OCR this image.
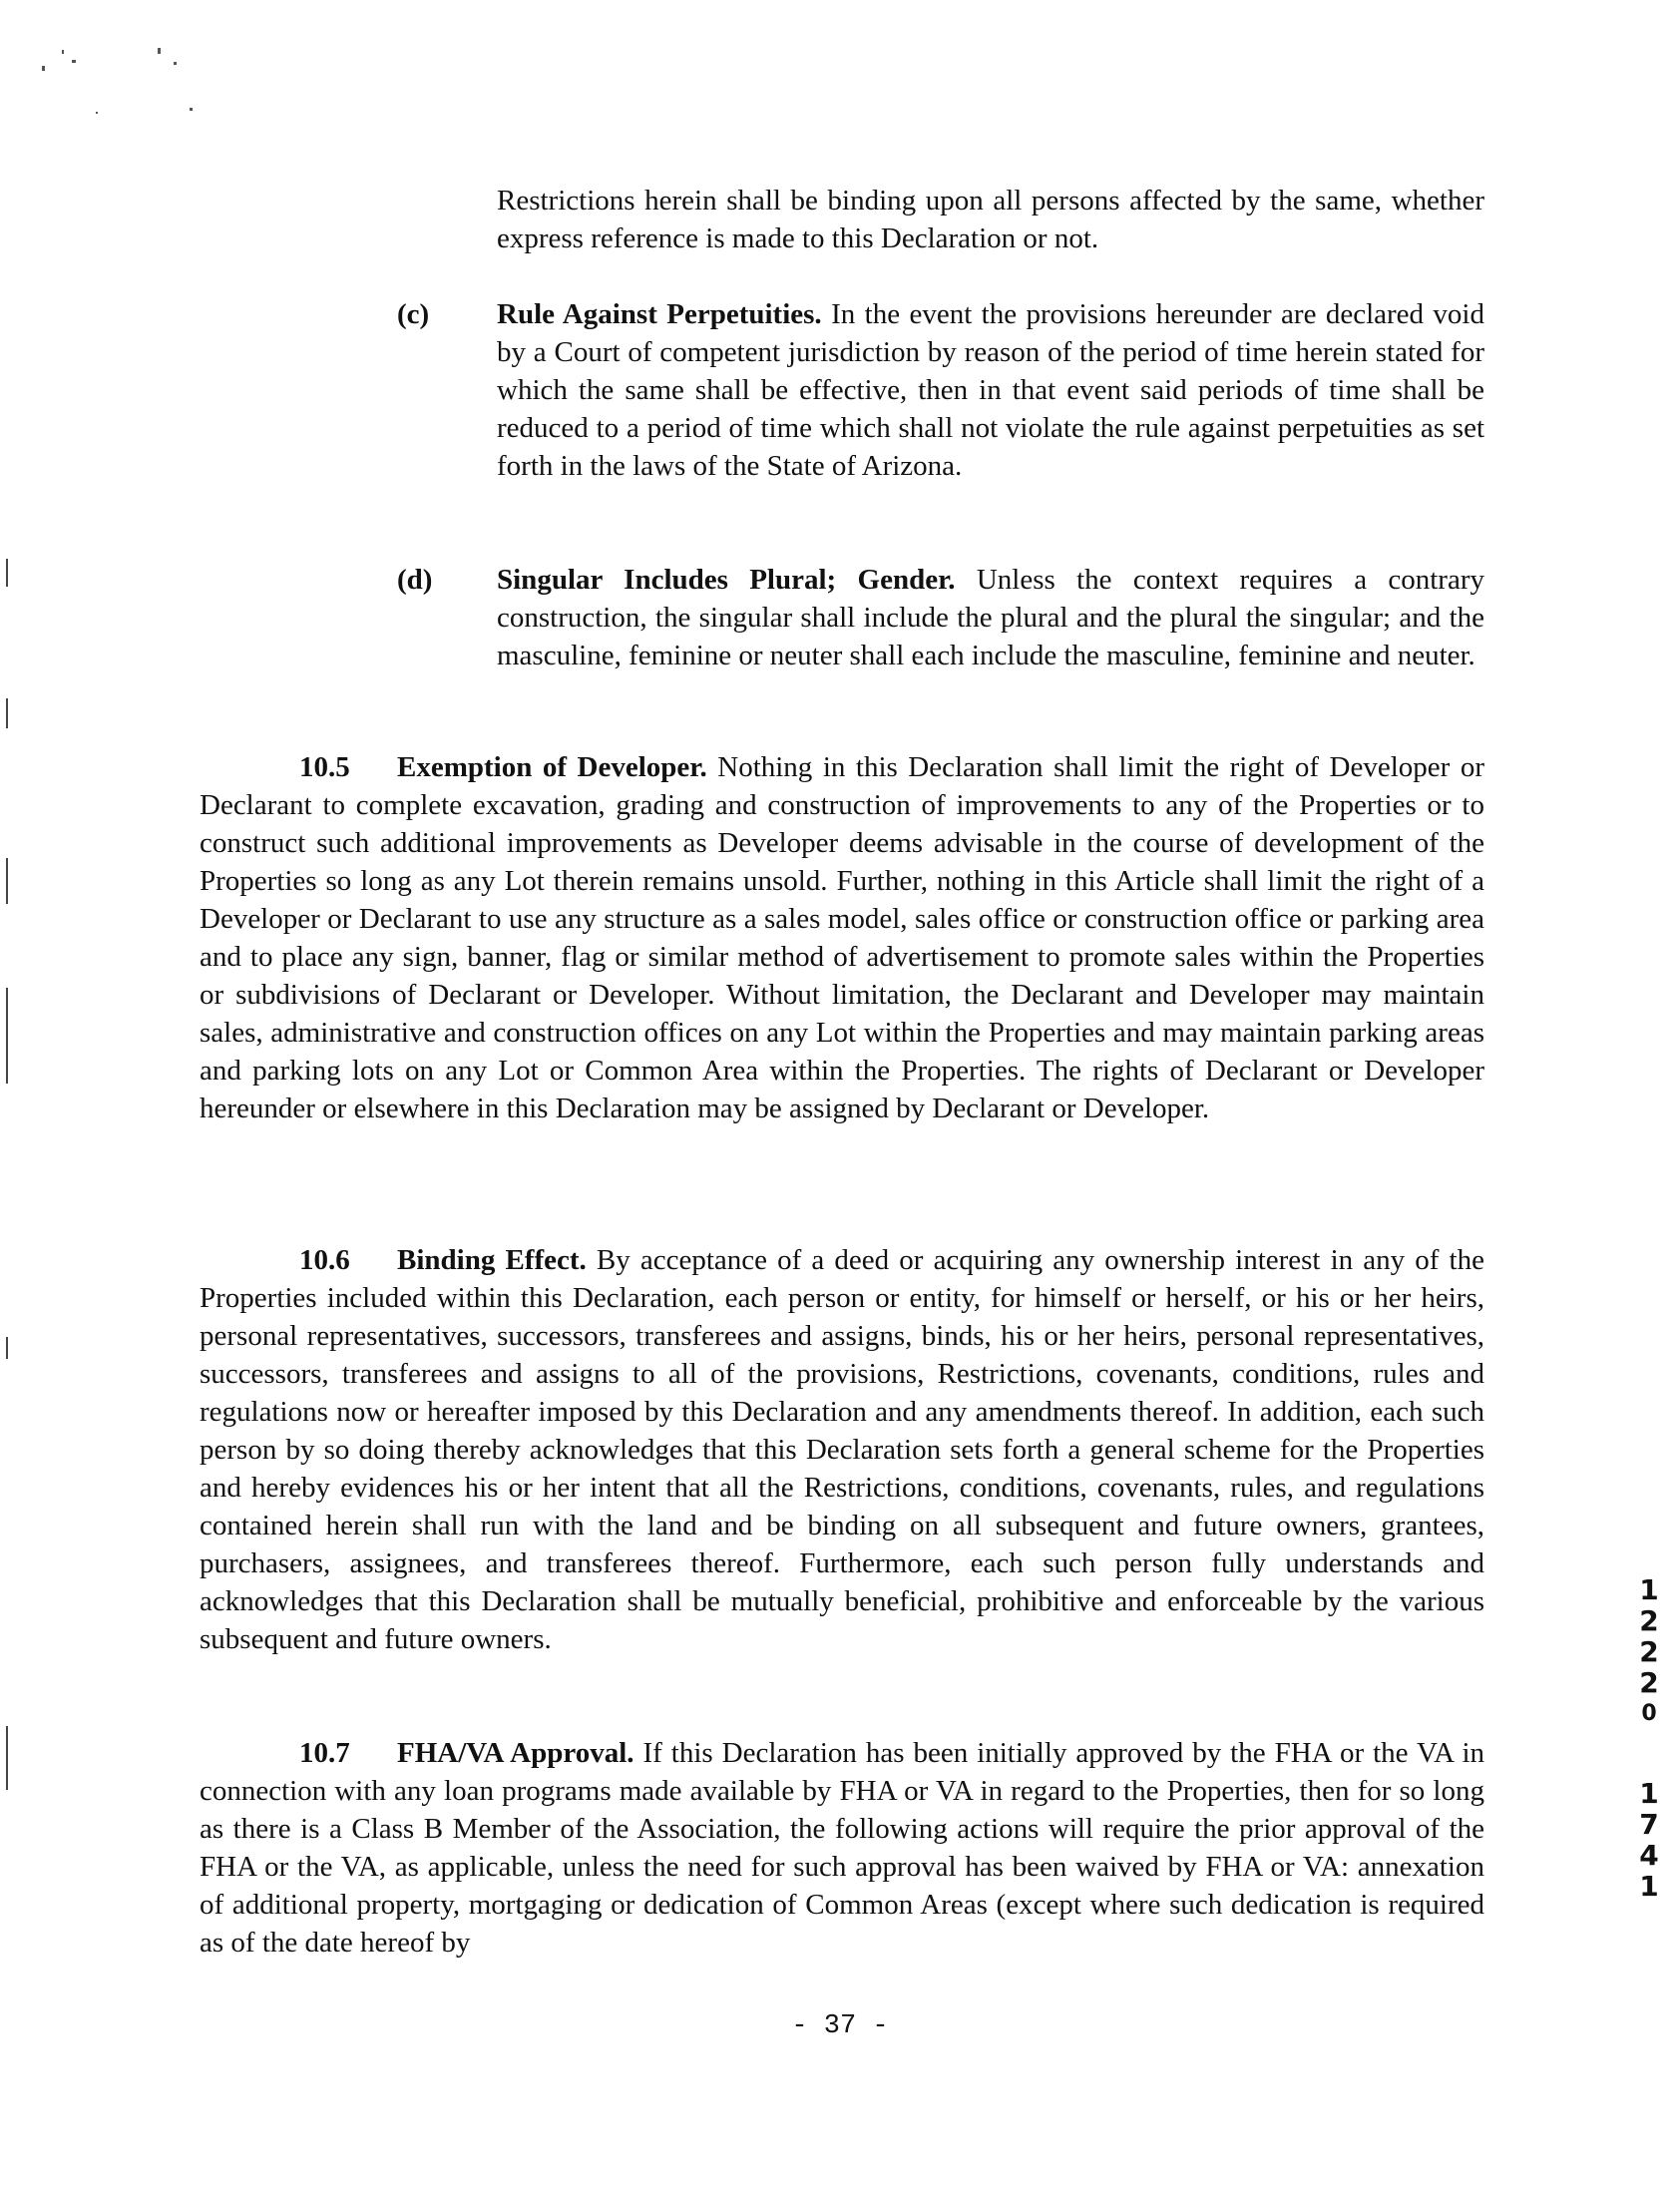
Restrictions herein shall be binding upon all persons affected by the same, whether express reference is made to this Declaration or not.

(c)	Rule Against Perpetuities. In the event the provisions hereunder are declared void by a Court of competent jurisdiction by reason of the period of time herein stated for which the same shall be effective, then in that event said periods of time shall be reduced to a period of time which shall not violate the rule against perpetuities as set forth in the laws of the State of Arizona.

(d)	Singular Includes Plural; Gender. Unless the context requires a contrary construction, the singular shall include the plural and the plural the singular; and the masculine, feminine or neuter shall each include the masculine, feminine and neuter.

10.5 Exemption of Developer. Nothing in this Declaration shall limit the right of Developer or Declarant to complete excavation, grading and construction of improvements to any of the Properties or to construct such additional improvements as Developer deems advisable in the course of development of the Properties so long as any Lot therein remains unsold. Further, nothing in this Article shall limit the right of a Developer or Declarant to use any structure as a sales model, sales office or construction office or parking area and to place any sign, banner, flag or similar method of advertisement to promote sales within the Properties or subdivisions of Declarant or Developer. Without limitation, the Declarant and Developer may maintain sales, administrative and construction offices on any Lot within the Properties and may maintain parking areas and parking lots on any Lot or Common Area within the Properties. The rights of Declarant or Developer hereunder or elsewhere in this Declaration may be assigned by Declarant or Developer.

10.6 Binding Effect. By acceptance of a deed or acquiring any ownership interest in any of the Properties included within this Declaration, each person or entity, for himself or herself, or his or her heirs, personal representatives, successors, transferees and assigns, binds, his or her heirs, personal representatives, successors, transferees and assigns to all of the provisions, Restrictions, covenants, conditions, rules and regulations now or hereafter imposed by this Declaration and any amendments thereof. In addition, each such person by so doing thereby acknowledges that this Declaration sets forth a general scheme for the Properties and hereby evidences his or her intent that all the Restrictions, conditions, covenants, rules, and regulations contained herein shall run with the land and be binding on all subsequent and future owners, grantees, purchasers, assignees, and transferees thereof. Furthermore, each such person fully understands and acknowledges that this Declaration shall be mutually beneficial, prohibitive and enforceable by the various subsequent and future owners.

10.7 FHA/VA Approval. If this Declaration has been initially approved by the FHA or the VA in connection with any loan programs made available by FHA or VA in regard to the Properties, then for so long as there is a Class B Member of the Association, the following actions will require the prior approval of the FHA or the VA, as applicable, unless the need for such approval has been waived by FHA or VA: annexation of additional property, mortgaging or dedication of Common Areas (except where such dedication is required as of the date hereof by

- 37 -
1
2
2
2
0
1
7
4
1
